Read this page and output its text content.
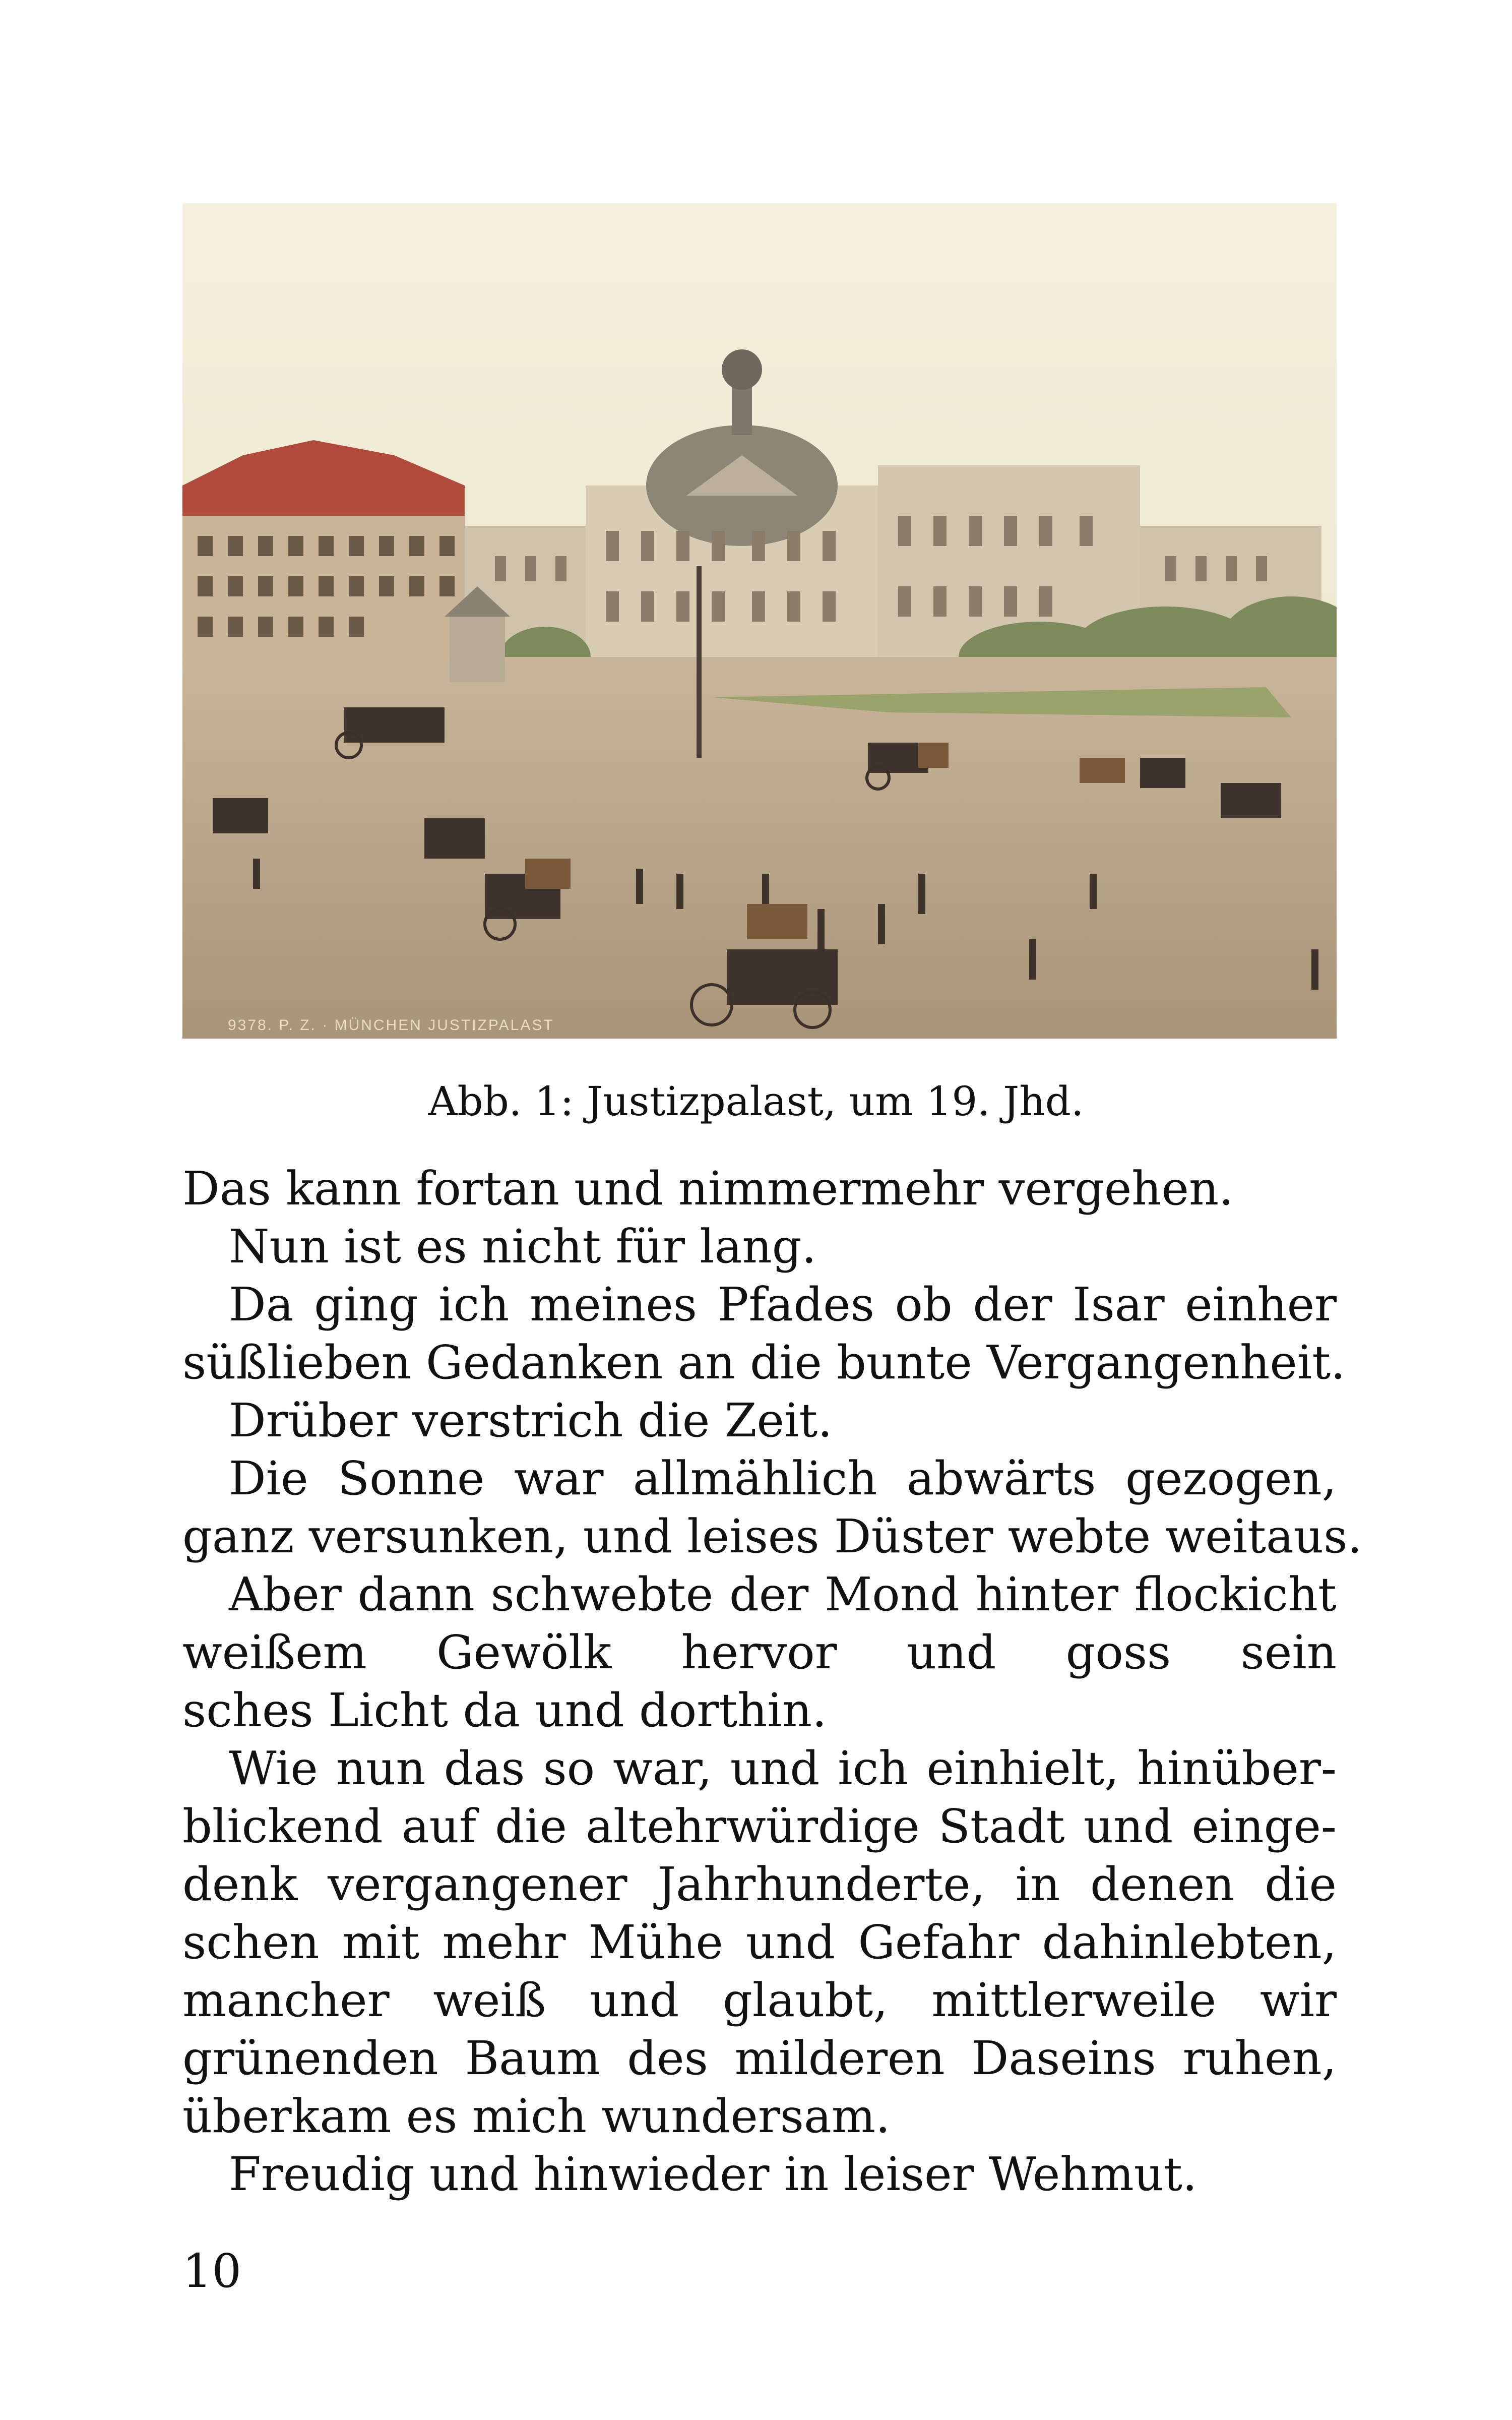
9378. P. Z. · MÜNCHEN JUSTIZPALAST
Abb. 1: Justizpalast, um 19. Jhd.
Das kann fortan und nimmermehr vergehen.
Nun ist es nicht für lang.
Da ging ich meines Pfades ob der Isar einher
süßlieben Gedanken an die bunte Vergangenheit.
Drüber verstrich die Zeit.
Die Sonne war allmählich abwärts gezogen,
ganz versunken, und leises Düster webte weitaus.
Aber dann schwebte der Mond hinter flockicht
weißem Gewölk hervor und goss sein
sches Licht da und dorthin.
Wie nun das so war, und ich einhielt, hinüber-
blickend auf die altehrwürdige Stadt und einge-
denk vergangener Jahrhunderte, in denen die
schen mit mehr Mühe und Gefahr dahinlebten,
mancher weiß und glaubt, mittlerweile wir
grünenden Baum des milderen Daseins ruhen,
überkam es mich wundersam.
Freudig und hinwieder in leiser Wehmut.
10
